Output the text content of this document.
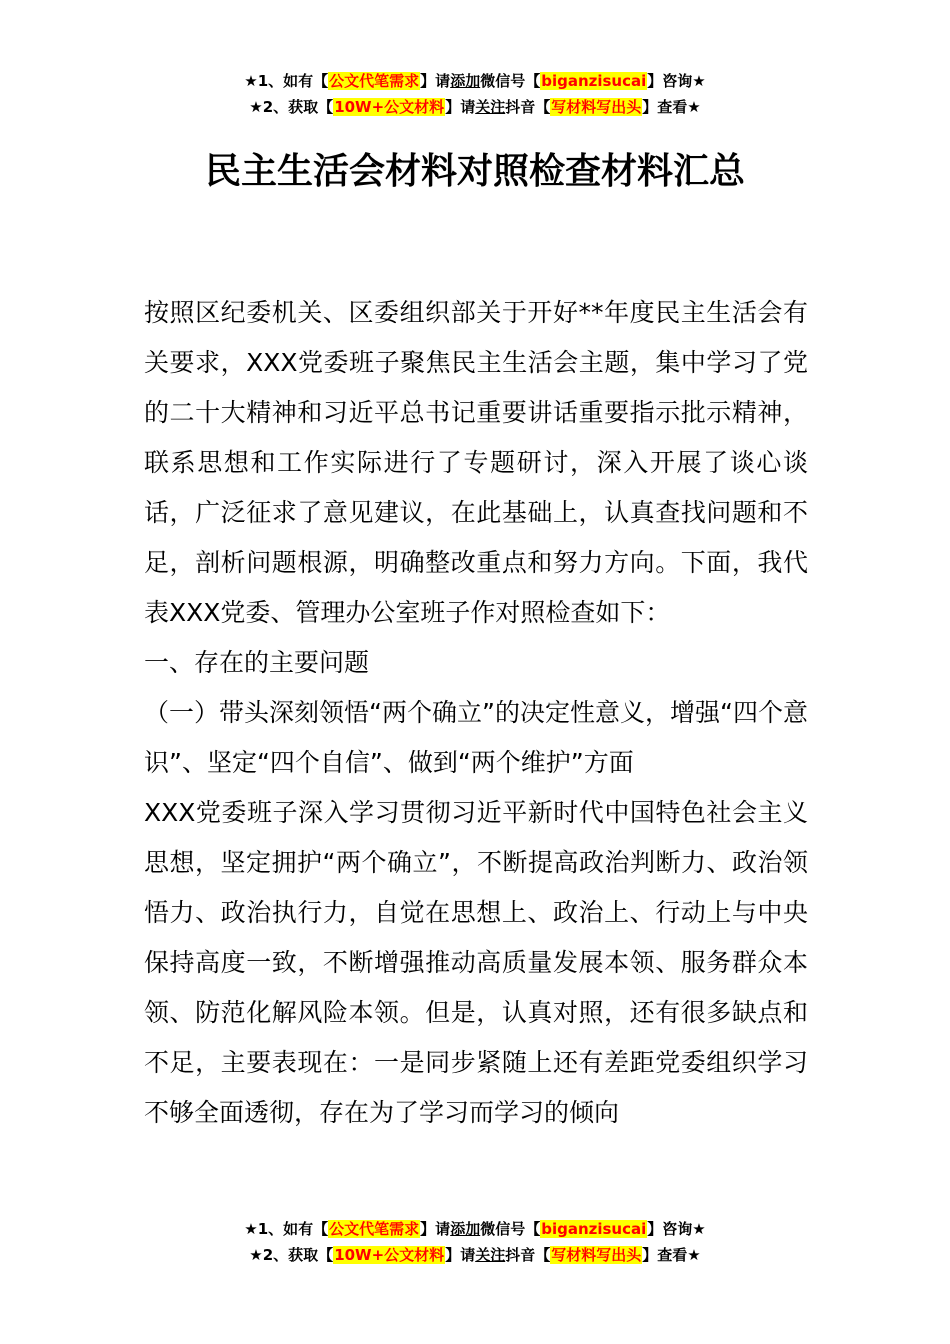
★1、如有【公文代笔需求】请添加微信号【biganzisucai】咨询★
★2、获取【10W+公文材料】请关注抖音【写材料写出头】查看★
民主生活会材料对照检查材料汇总

按照区纪委机关、区委组织部关于开好**年度民主生活会有关要求，XXX党委班子聚焦民主生活会主题，集中学习了党的二十大精神和习近平总书记重要讲话重要指示批示精神，联系思想和工作实际进行了专题研讨，深入开展了谈心谈话，广泛征求了意见建议，在此基础上，认真查找问题和不足，剖析问题根源，明确整改重点和努力方向。下面，我代表XXX党委、管理办公室班子作对照检查如下：

一、存在的主要问题

（一）带头深刻领悟“两个确立”的决定性意义，增强“四个意识”、坚定“四个自信”、做到“两个维护”方面

XXX党委班子深入学习贯彻习近平新时代中国特色社会主义思想，坚定拥护“两个确立”，不断提高政治判断力、政治领悟力、政治执行力，自觉在思想上、政治上、行动上与中央保持高度一致，不断增强推动高质量发展本领、服务群众本领、防范化解风险本领。但是，认真对照，还有很多缺点和不足，主要表现在：一是同步紧随上还有差距党委组织学习不够全面透彻，存在为了学习而学习的倾向

★1、如有【公文代笔需求】请添加微信号【biganzisucai】咨询★
★2、获取【10W+公文材料】请关注抖音【写材料写出头】查看★
